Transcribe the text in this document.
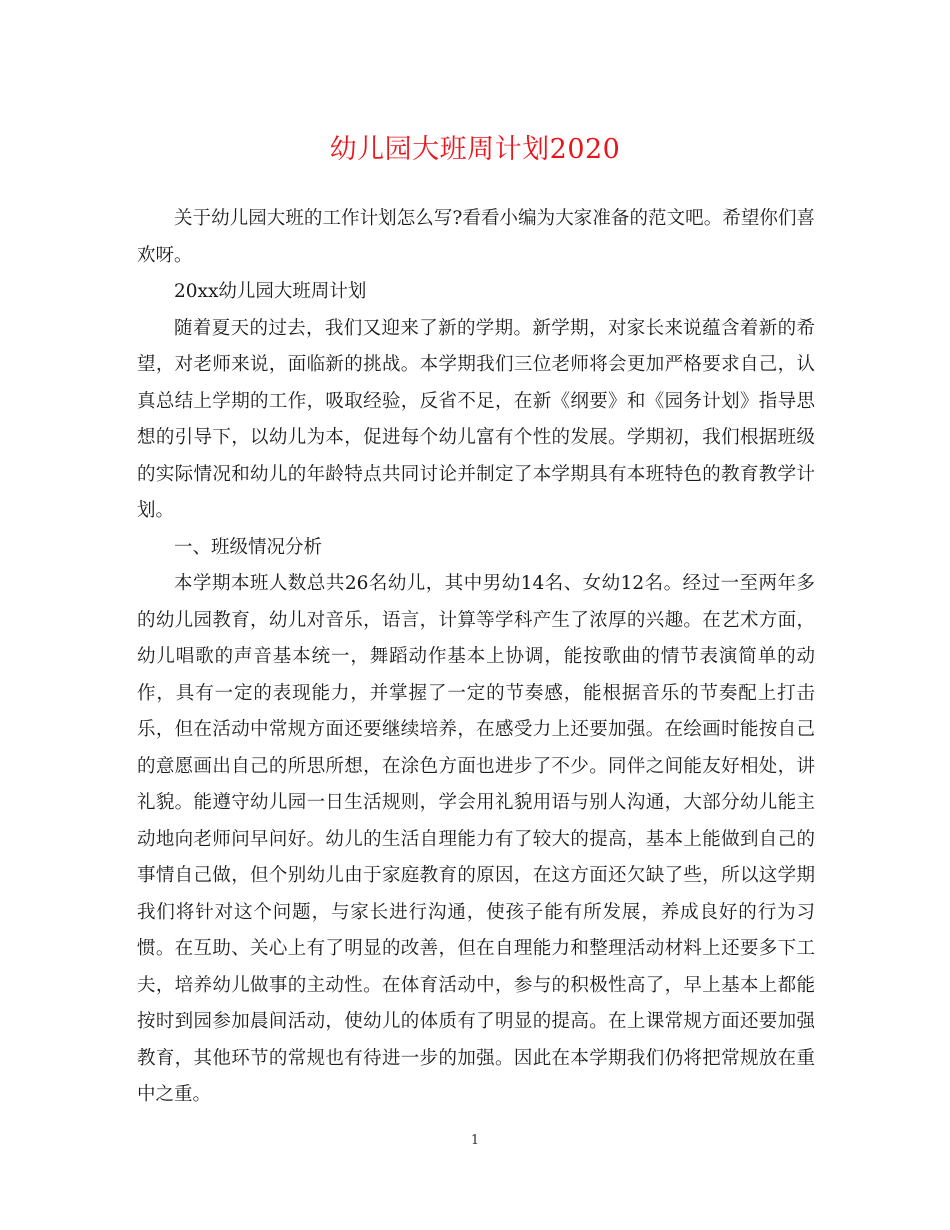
幼儿园大班周计划2020

关于幼儿园大班的工作计划怎么写?看看小编为大家准备的范文吧。希望你们喜欢呀。

20xx幼儿园大班周计划

随着夏天的过去，我们又迎来了新的学期。新学期，对家长来说蕴含着新的希望，对老师来说，面临新的挑战。本学期我们三位老师将会更加严格要求自己，认真总结上学期的工作，吸取经验，反省不足，在新《纲要》和《园务计划》指导思想的引导下，以幼儿为本，促进每个幼儿富有个性的发展。学期初，我们根据班级的实际情况和幼儿的年龄特点共同讨论并制定了本学期具有本班特色的教育教学计划。

一、班级情况分析

本学期本班人数总共26名幼儿，其中男幼14名、女幼12名。经过一至两年多的幼儿园教育，幼儿对音乐，语言，计算等学科产生了浓厚的兴趣。在艺术方面，幼儿唱歌的声音基本统一，舞蹈动作基本上协调，能按歌曲的情节表演简单的动作，具有一定的表现能力，并掌握了一定的节奏感，能根据音乐的节奏配上打击乐，但在活动中常规方面还要继续培养，在感受力上还要加强。在绘画时能按自己的意愿画出自己的所思所想，在涂色方面也进步了不少。同伴之间能友好相处，讲礼貌。能遵守幼儿园一日生活规则，学会用礼貌用语与别人沟通，大部分幼儿能主动地向老师问早问好。幼儿的生活自理能力有了较大的提高，基本上能做到自己的事情自己做，但个别幼儿由于家庭教育的原因，在这方面还欠缺了些，所以这学期我们将针对这个问题，与家长进行沟通，使孩子能有所发展，养成良好的行为习惯。在互助、关心上有了明显的改善，但在自理能力和整理活动材料上还要多下工夫，培养幼儿做事的主动性。在体育活动中，参与的积极性高了，早上基本上都能按时到园参加晨间活动，使幼儿的体质有了明显的提高。在上课常规方面还要加强教育，其他环节的常规也有待进一步的加强。因此在本学期我们仍将把常规放在重中之重。

1
